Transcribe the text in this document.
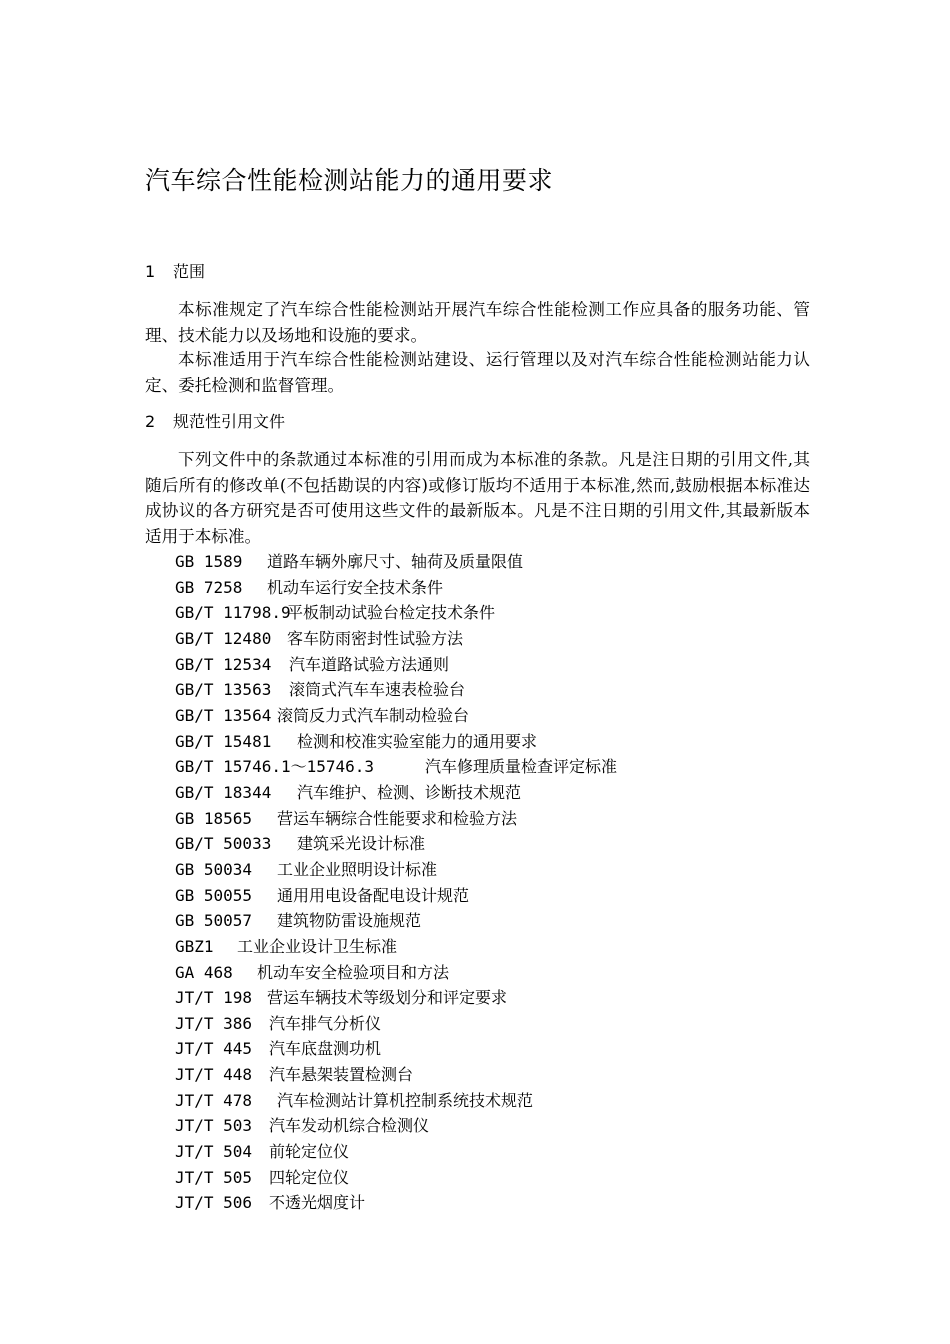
汽车综合性能检测站能力的通用要求
1 范围

本标准规定了汽车综合性能检测站开展汽车综合性能检测工作应具备的服务功能、管理、技术能力以及场地和设施的要求。

本标准适用于汽车综合性能检测站建设、运行管理以及对汽车综合性能检测站能力认定、委托检测和监督管理。

2 规范性引用文件

下列文件中的条款通过本标准的引用而成为本标准的条款。凡是注日期的引用文件,其随后所有的修改单(不包括勘误的内容)或修订版均不适用于本标准,然而,鼓励根据本标准达成协议的各方研究是否可使用这些文件的最新版本。凡是不注日期的引用文件,其最新版本适用于本标准。

GB 1589 道路车辆外廓尺寸、轴荷及质量限值
GB 7258 机动车运行安全技术条件
GB/T 11798.9平板制动试验台检定技术条件
GB/T 12480 客车防雨密封性试验方法
GB/T 12534 汽车道路试验方法通则
GB/T 13563 滚筒式汽车车速表检验台
GB/T 13564 滚筒反力式汽车制动检验台
GB/T 15481 检测和校准实验室能力的通用要求
GB/T 15746.1～15746.3	汽车修理质量检查评定标准
GB/T 18344 汽车维护、检测、诊断技术规范
GB 18565 营运车辆综合性能要求和检验方法
GB/T 50033 建筑采光设计标准
GB 50034 工业企业照明设计标准
GB 50055 通用用电设备配电设计规范
GB 50057 建筑物防雷设施规范
GBZ1 工业企业设计卫生标准
GA 468 机动车安全检验项目和方法
JT/T 198 营运车辆技术等级划分和评定要求
JT/T 386 汽车排气分析仪
JT/T 445 汽车底盘测功机
JT/T 448 汽车悬架装置检测台
JT/T 478 汽车检测站计算机控制系统技术规范
JT/T 503 汽车发动机综合检测仪
JT/T 504 前轮定位仪
JT/T 505 四轮定位仪
JT/T 506 不透光烟度计
